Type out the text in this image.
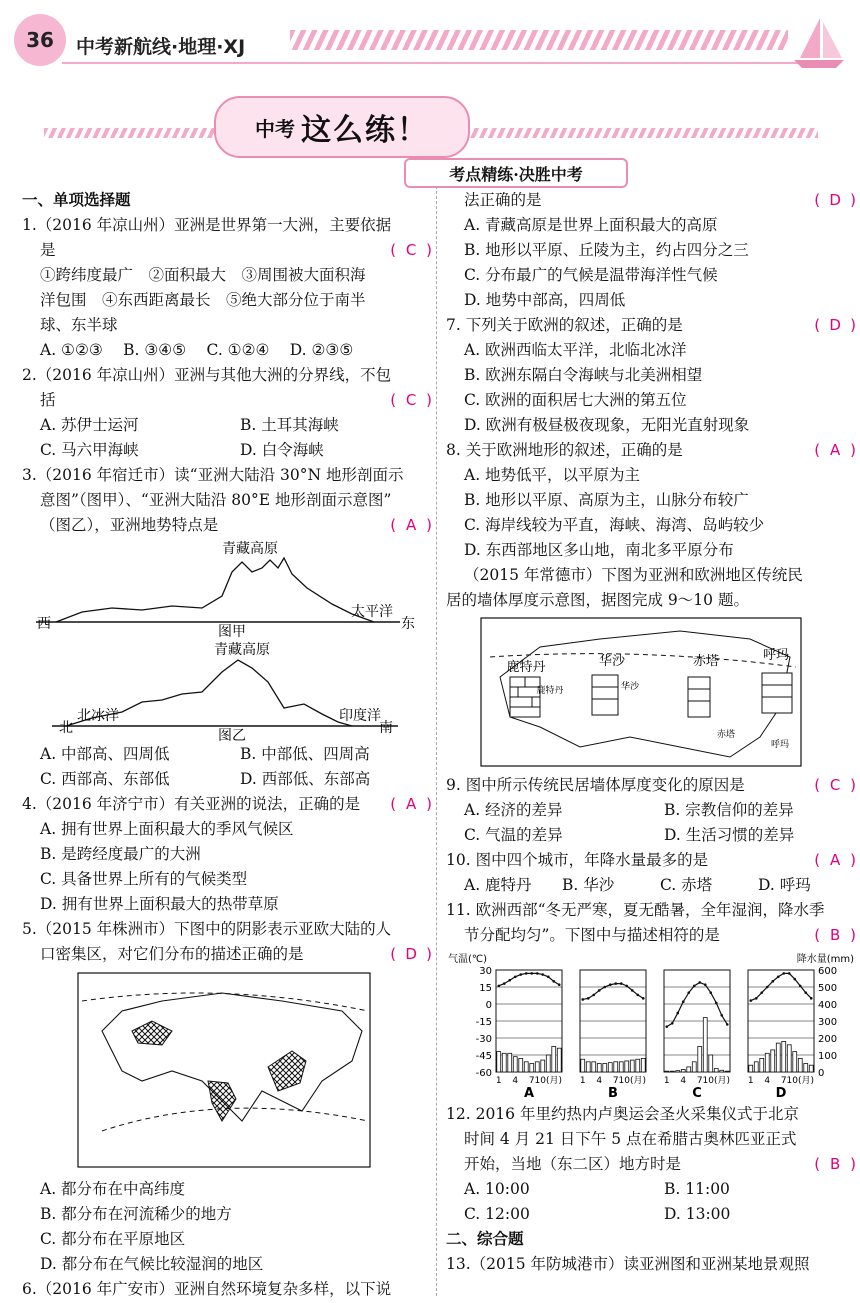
36	中考新航线·地理·XJ
中考 这么练！
考点精练·决胜中考
一、单项选择题
1.（2016 年凉山州）亚洲是世界第一大洲，主要依据
( C )
是
①跨纬度最广　②面积最大　③周围被大面积海
洋包围　④东西距离最长　⑤绝大部分位于南半
球、东半球
A. ①②③　 B. ③④⑤　 C. ①②④　 D. ②③⑤
2.（2016 年凉山州）亚洲与其他大洲的分界线，不包
( C )
括
A. 苏伊士运河	B. 土耳其海峡
C. 马六甲海峡	D. 白令海峡
3.（2016 年宿迁市）读“亚洲大陆沿 30°N 地形剖面示
意图”（图甲）、“亚洲大陆沿 80°E 地形剖面示意图”
( A )
（图乙），亚洲地势特点是
青藏高原
西	东
太平洋
图甲
青藏高原
北	南
北冰洋	印度洋
图乙
A. 中部高、四周低	B. 中部低、四周高
C. 西部高、东部低	D. 西部低、东部高
( A )
4.（2016 年济宁市）有关亚洲的说法，正确的是
A. 拥有世界上面积最大的季风气候区
B. 是跨经度最广的大洲
C. 具备世界上所有的气候类型
D. 拥有世界上面积最大的热带草原
5.（2015 年株洲市）下图中的阴影表示亚欧大陆的人
( D )
口密集区，对它们分布的描述正确的是
A. 都分布在中高纬度
B. 都分布在河流稀少的地方
C. 都分布在平原地区
D. 都分布在气候比较湿润的地区
6.（2016 年广安市）亚洲自然环境复杂多样，以下说
( D )
法正确的是
A. 青藏高原是世界上面积最大的高原
B. 地形以平原、丘陵为主，约占四分之三
C. 分布最广的气候是温带海洋性气候
D. 地势中部高，四周低
( D )
7. 下列关于欧洲的叙述，正确的是
A. 欧洲西临太平洋，北临北冰洋
B. 欧洲东隔白令海峡与北美洲相望
C. 欧洲的面积居七大洲的第五位
D. 欧洲有极昼极夜现象，无阳光直射现象
( A )
8. 关于欧洲地形的叙述，正确的是
A. 地势低平，以平原为主
B. 地形以平原、高原为主，山脉分布较广
C. 海岸线较为平直，海峡、海湾、岛屿较少
D. 东西部地区多山地，南北多平原分布
（2015 年常德市）下图为亚洲和欧洲地区传统民
居的墙体厚度示意图，据图完成 9～10 题。
鹿特丹	华沙	赤塔	呼玛
鹿特丹	华沙
赤塔
呼玛
( C )
9. 图中所示传统民居墙体厚度变化的原因是
A. 经济的差异	B. 宗教信仰的差异
C. 气温的差异	D. 生活习惯的差异
( A )
10. 图中四个城市，年降水量最多的是
A. 鹿特丹 B. 华沙	C. 赤塔	D. 呼玛
11. 欧洲西部“冬无严寒，夏无酷暑，全年湿润，降水季
( B )
节分配均匀”。下图中与描述相符的是
气温(℃)	降水量(mm)
30
15
0
-15
-30
-45
-60
600
500
400
300
200
100
0
1 4 7 10(月)
A
1 4 7 10(月)
B
1 4 7 10(月)
C
1 4 7 10(月)
D
12. 2016 年里约热内卢奥运会圣火采集仪式于北京
时间 4 月 21 日下午 5 点在希腊古奥林匹亚正式
( B )
开始，当地（东二区）地方时是
A. 10:00	B. 11:00
C. 12:00	D. 13:00
二、综合题
13.（2015 年防城港市）读亚洲图和亚洲某地景观照
